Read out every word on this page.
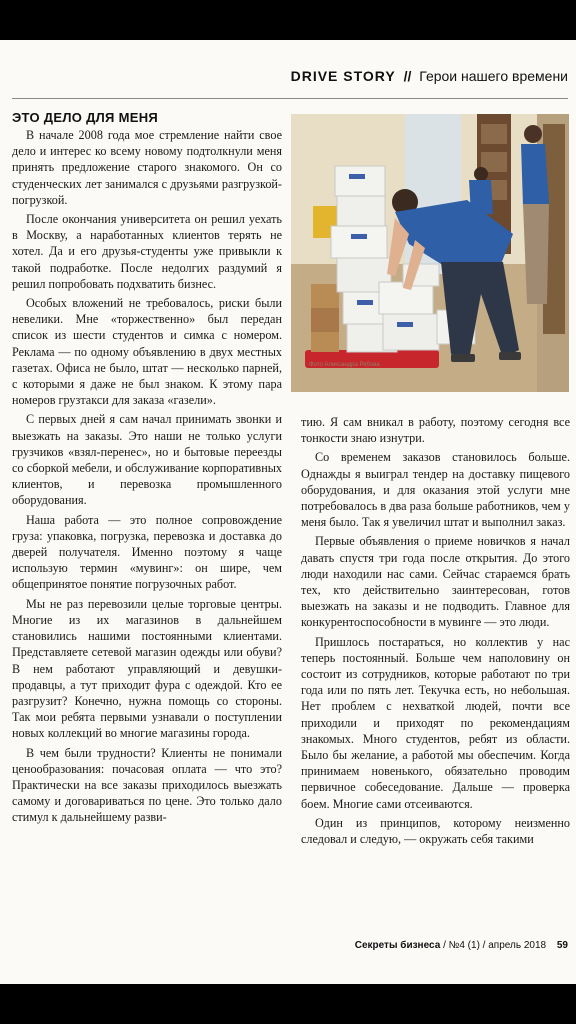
DRIVE STORY // Герои нашего времени
ЭТО ДЕЛО ДЛЯ МЕНЯ

В начале 2008 года мое стремление найти свое дело и интерес ко всему новому подтолкнули меня принять предложение старого знакомого. Он со студенческих лет занимался с друзьями разгрузкой-погрузкой.

После окончания университета он решил уехать в Москву, а наработанных клиентов терять не хотел. Да и его друзья-студенты уже привыкли к такой подработке. После недолгих раздумий я решил попробовать подхватить бизнес.

Особых вложений не требовалось, риски были невелики. Мне «торжественно» был передан список из шести студентов и симка с номером. Реклама — по одному объявлению в двух местных газетах. Офиса не было, штат — несколько парней, с которыми я даже не был знаком. К этому пара номеров грузтакси для заказа «газели».

С первых дней я сам начал принимать звонки и выезжать на заказы. Это наши не только услуги грузчиков «взял-перенес», но и бытовые переезды со сборкой мебели, и обслуживание корпоративных клиентов, и перевозка промышленного оборудования.

Наша работа — это полное сопровождение груза: упаковка, погрузка, перевозка и доставка до дверей получателя. Именно поэтому я чаще использую термин «мувинг»: он шире, чем общепринятое понятие погрузочных работ.

Мы не раз перевозили целые торговые центры. Многие из их магазинов в дальнейшем становились нашими постоянными клиентами. Представляете сетевой магазин одежды или обуви? В нем работают управляющий и девушки-продавцы, а тут приходит фура с одеждой. Кто ее разгрузит? Конечно, нужна помощь со стороны. Так мои ребята первыми узнавали о поступлении новых коллекций во многие магазины города.

В чем были трудности? Клиенты не понимали ценообразования: почасовая оплата — что это? Практически на все заказы приходилось выезжать самому и договариваться по цене. Это только дало стимул к дальнейшему разви-

Фото Александра Рябова

тию. Я сам вникал в работу, поэтому сегодня все тонкости знаю изнутри.

Со временем заказов становилось больше. Однажды я выиграл тендер на доставку пищевого оборудования, и для оказания этой услуги мне потребовалось в два раза больше работников, чем у меня было. Так я увеличил штат и выполнил заказ.

Первые объявления о приеме новичков я начал давать спустя три года после открытия. До этого люди находили нас сами. Сейчас стараемся брать тех, кто действительно заинтересован, готов выезжать на заказы и не подводить. Главное для конкурентоспособности в мувинге — это люди.

Пришлось постараться, но коллектив у нас теперь постоянный. Больше чем наполовину он состоит из сотрудников, которые работают по три года или по пять лет. Текучка есть, но небольшая. Нет проблем с нехваткой людей, почти все приходили и приходят по рекомендациям знакомых. Много студентов, ребят из области. Было бы желание, а работой мы обеспечим. Когда принимаем новенького, обязательно проводим первичное собеседование. Дальше — проверка боем. Многие сами отсеиваются.

Один из принципов, которому неизменно следовал и следую, — окружать себя такими

Секреты бизнеса / №4 (1) / апрель 2018 59
